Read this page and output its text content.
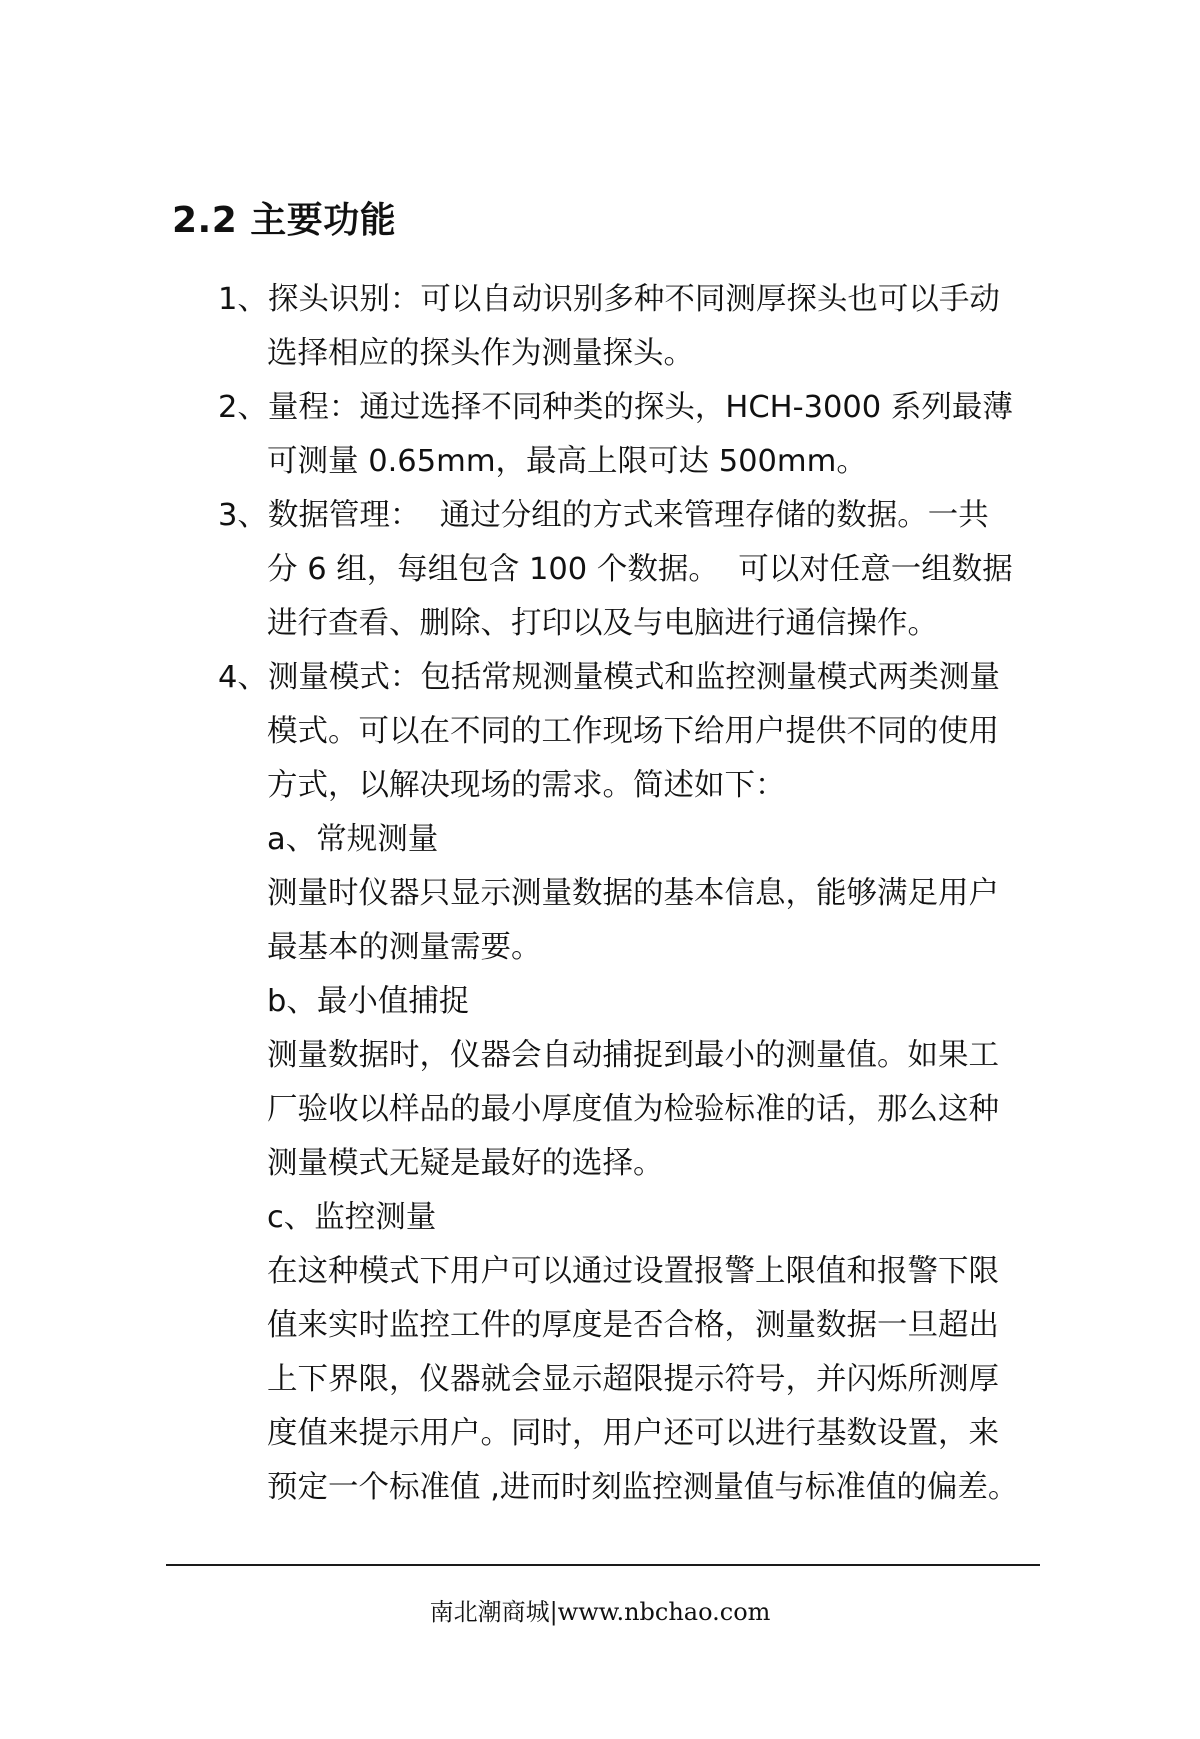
2.2 主要功能
1、探头识别：可以自动识别多种不同测厚探头也可以手动
选择相应的探头作为测量探头。
2、量程：通过选择不同种类的探头，HCH-3000 系列最薄
可测量 0.65mm，最高上限可达 500mm。
3、数据管理：  通过分组的方式来管理存储的数据。一共
分 6 组，每组包含 100 个数据。  可以对任意一组数据
进行查看、删除、打印以及与电脑进行通信操作。
4、测量模式：包括常规测量模式和监控测量模式两类测量
模式。可以在不同的工作现场下给用户提供不同的使用
方式，以解决现场的需求。简述如下：
a、常规测量
测量时仪器只显示测量数据的基本信息，能够满足用户
最基本的测量需要。
b、最小值捕捉
测量数据时，仪器会自动捕捉到最小的测量值。如果工
厂验收以样品的最小厚度值为检验标准的话，那么这种
测量模式无疑是最好的选择。
c、监控测量
在这种模式下用户可以通过设置报警上限值和报警下限
值来实时监控工件的厚度是否合格，测量数据一旦超出
上下界限，仪器就会显示超限提示符号，并闪烁所测厚
度值来提示用户。同时，用户还可以进行基数设置，来
预定一个标准值 ,进而时刻监控测量值与标准值的偏差。
南北潮商城|www.nbchao.com
